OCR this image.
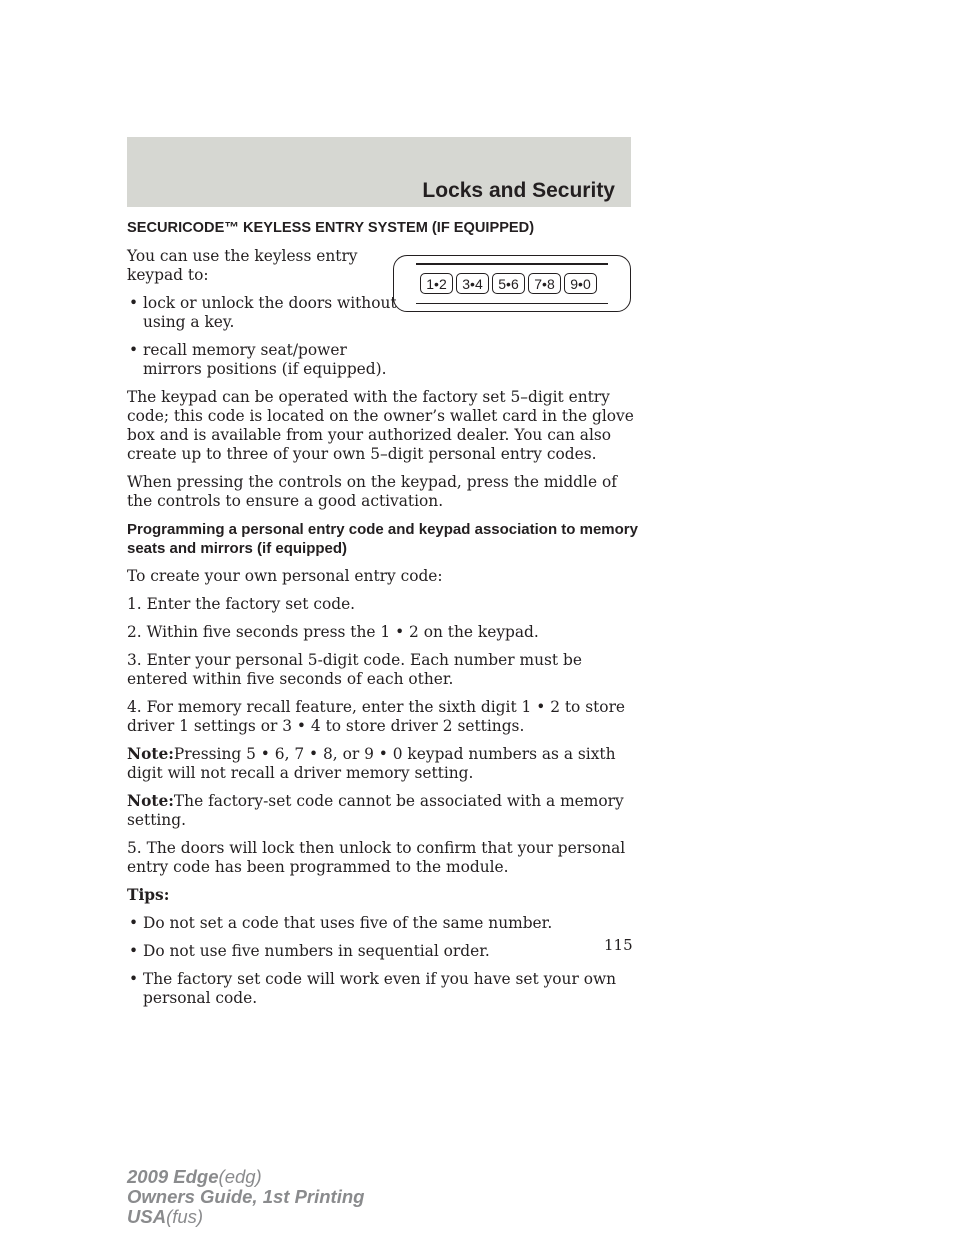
Locks and Security
1•2	3•4	5•6	7•8	9•0
SECURICODE™ KEYLESS ENTRY SYSTEM (IF EQUIPPED)

You can use the keyless entry keypad to:

• lock or unlock the doors without using a key.
• recall memory seat/power mirrors positions (if equipped).

The keypad can be operated with the factory set 5–digit entry code; this code is located on the owner’s wallet card in the glove box and is available from your authorized dealer. You can also create up to three of your own 5–digit personal entry codes.

When pressing the controls on the keypad, press the middle of the controls to ensure a good activation.

Programming a personal entry code and keypad association to memory seats and mirrors (if equipped)

To create your own personal entry code:

1. Enter the factory set code.

2. Within five seconds press the 1 • 2 on the keypad.

3. Enter your personal 5-digit code. Each number must be entered within five seconds of each other.

4. For memory recall feature, enter the sixth digit 1 • 2 to store driver 1 settings or 3 • 4 to store driver 2 settings.

Note:Pressing 5 • 6, 7 • 8, or 9 • 0 keypad numbers as a sixth digit will not recall a driver memory setting.

Note:The factory-set code cannot be associated with a memory setting.

5. The doors will lock then unlock to confirm that your personal entry code has been programmed to the module.

Tips:

• Do not set a code that uses five of the same number.
• Do not use five numbers in sequential order.
• The factory set code will work even if you have set your own personal code.
115
2009 Edge(edg)
Owners Guide, 1st Printing
USA(fus)
